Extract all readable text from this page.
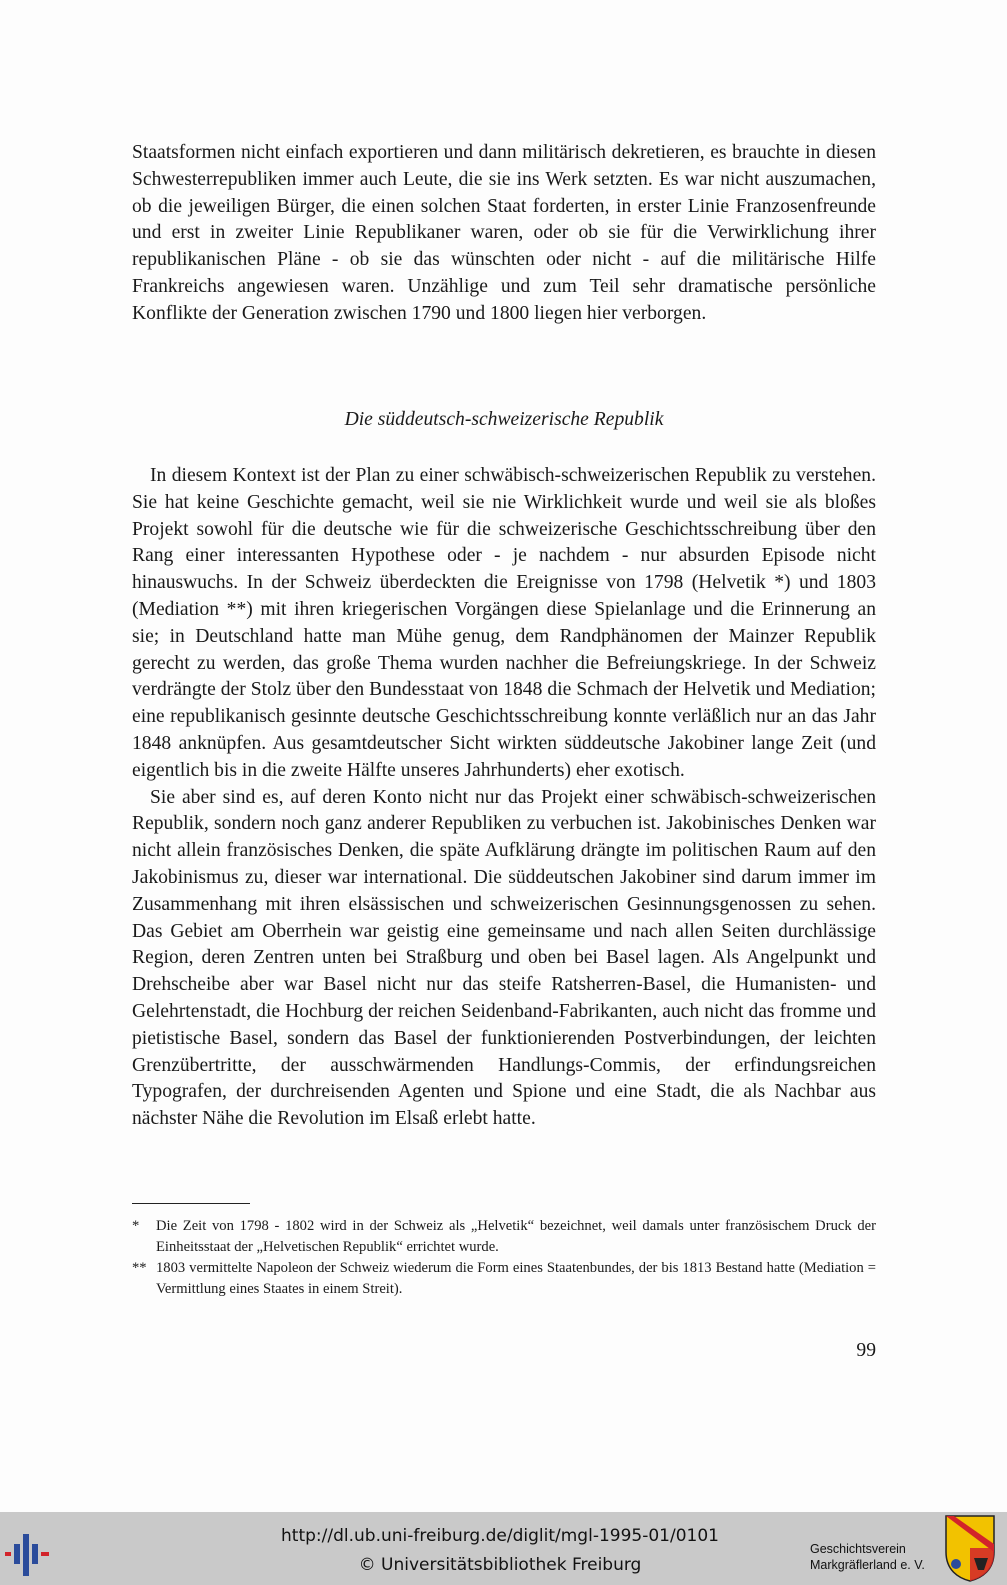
Staatsformen nicht einfach exportieren und dann militärisch dekretieren, es brauchte in diesen Schwesterrepubliken immer auch Leute, die sie ins Werk setzten. Es war nicht auszumachen, ob die jeweiligen Bürger, die einen solchen Staat forderten, in erster Linie Franzosenfreunde und erst in zweiter Linie Republikaner waren, oder ob sie für die Verwirklichung ihrer republikanischen Pläne - ob sie das wünschten oder nicht - auf die militärische Hilfe Frankreichs angewiesen waren. Unzählige und zum Teil sehr dramatische persönliche Konflikte der Generation zwischen 1790 und 1800 liegen hier verborgen.

Die süddeutsch-schweizerische Republik

In diesem Kontext ist der Plan zu einer schwäbisch-schweizerischen Republik zu verstehen. Sie hat keine Geschichte gemacht, weil sie nie Wirklichkeit wurde und weil sie als bloßes Projekt sowohl für die deutsche wie für die schweizerische Geschichtsschreibung über den Rang einer interessanten Hypothese oder - je nachdem - nur absurden Episode nicht hinauswuchs. In der Schweiz überdeckten die Ereignisse von 1798 (Helvetik *) und 1803 (Mediation **) mit ihren kriegerischen Vorgängen diese Spielanlage und die Erinnerung an sie; in Deutschland hatte man Mühe genug, dem Randphänomen der Mainzer Republik gerecht zu werden, das große Thema wurden nachher die Befreiungskriege. In der Schweiz verdrängte der Stolz über den Bundesstaat von 1848 die Schmach der Helvetik und Mediation; eine republikanisch gesinnte deutsche Geschichtsschreibung konnte verläßlich nur an das Jahr 1848 anknüpfen. Aus gesamtdeutscher Sicht wirkten süddeutsche Jakobiner lange Zeit (und eigentlich bis in die zweite Hälfte unseres Jahrhunderts) eher exotisch.

Sie aber sind es, auf deren Konto nicht nur das Projekt einer schwäbisch-schweizerischen Republik, sondern noch ganz anderer Republiken zu verbuchen ist. Jakobinisches Denken war nicht allein französisches Denken, die späte Aufklärung drängte im politischen Raum auf den Jakobinismus zu, dieser war international. Die süddeutschen Jakobiner sind darum immer im Zusammenhang mit ihren elsässischen und schweizerischen Gesinnungsgenossen zu sehen. Das Gebiet am Oberrhein war geistig eine gemeinsame und nach allen Seiten durchlässige Region, deren Zentren unten bei Straßburg und oben bei Basel lagen. Als Angelpunkt und Drehscheibe aber war Basel nicht nur das steife Ratsherren-Basel, die Humanisten- und Gelehrtenstadt, die Hochburg der reichen Seidenband-Fabrikanten, auch nicht das fromme und pietistische Basel, sondern das Basel der funktionierenden Postverbindungen, der leichten Grenzübertritte, der ausschwärmenden Handlungs-Commis, der erfindungsreichen Typografen, der durchreisenden Agenten und Spione und eine Stadt, die als Nachbar aus nächster Nähe die Revolution im Elsaß erlebt hatte.

* Die Zeit von 1798 - 1802 wird in der Schweiz als „Helvetik“ bezeichnet, weil damals unter französischem Druck der Einheitsstaat der „Helvetischen Republik“ errichtet wurde.
** 1803 vermittelte Napoleon der Schweiz wiederum die Form eines Staatenbundes, der bis 1813 Bestand hatte (Mediation = Vermittlung eines Staates in einem Streit).
99
http://dl.ub.uni-freiburg.de/diglit/mgl-1995-01/0101
© Universitätsbibliothek Freiburg
Geschichtsverein
Markgräflerland e. V.
